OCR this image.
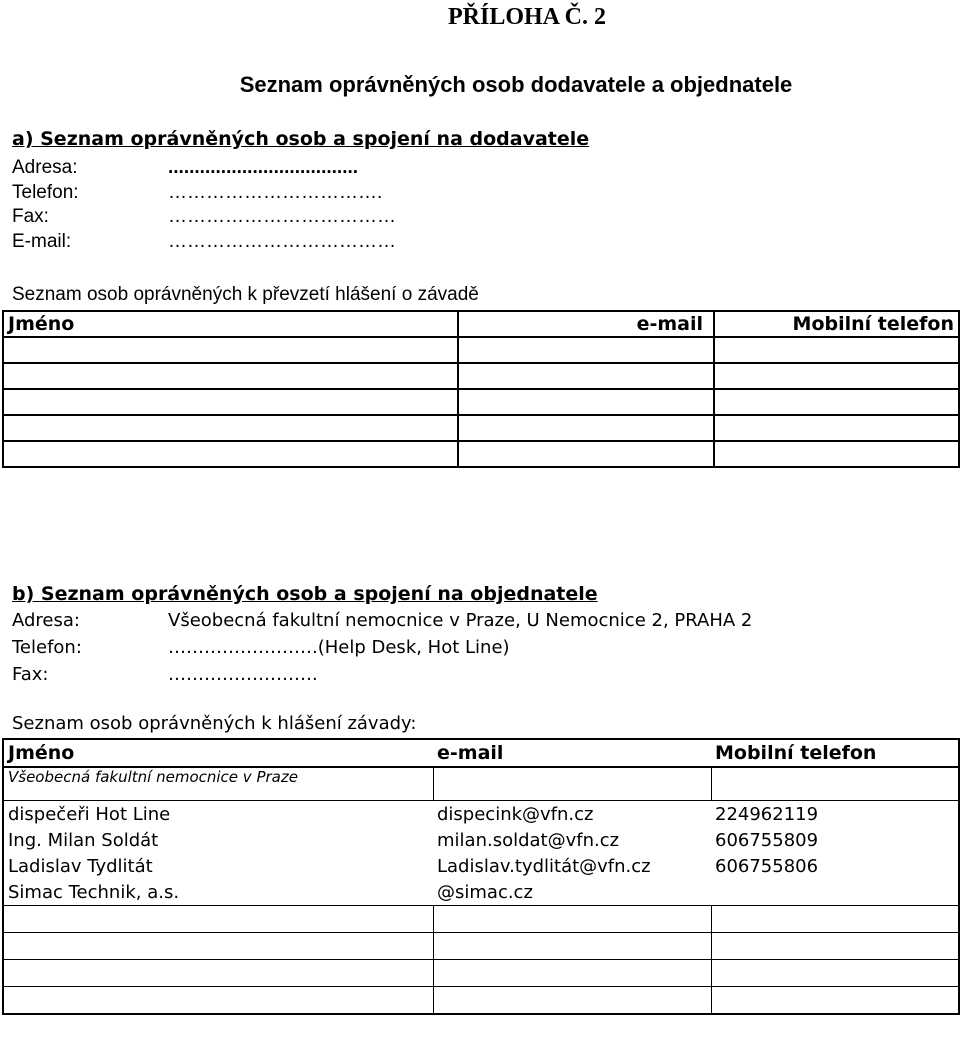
PŘÍLOHA Č. 2
Seznam oprávněných osob dodavatele a objednatele
a) Seznam oprávněných osob a spojení na dodavatele
Adresa:	....................................
Telefon:	…………………………….
Fax:	………………………………
E-mail:	………………………………
Seznam osob oprávněných k převzetí hlášení o závadě
Jméno	e-mail	Mobilní telefon

b) Seznam oprávněných osob a spojení na objednatele
Adresa:	Všeobecná fakultní nemocnice v Praze, U Nemocnice 2, PRAHA 2
Telefon:	…………………….(Help Desk, Hot Line)
Fax:	…………………….
Seznam osob oprávněných k hlášení závady:
Jméno	e-mail	Mobilní telefon
Všeobecná fakultní nemocnice v Praze		
dispečeři Hot Line	dispecink@vfn.cz	224962119
Ing. Milan Soldát	milan.soldat@vfn.cz	606755809
Ladislav Tydlitát	Ladislav.tydlitát@vfn.cz	606755806
Simac Technik, a.s.	@simac.cz	
